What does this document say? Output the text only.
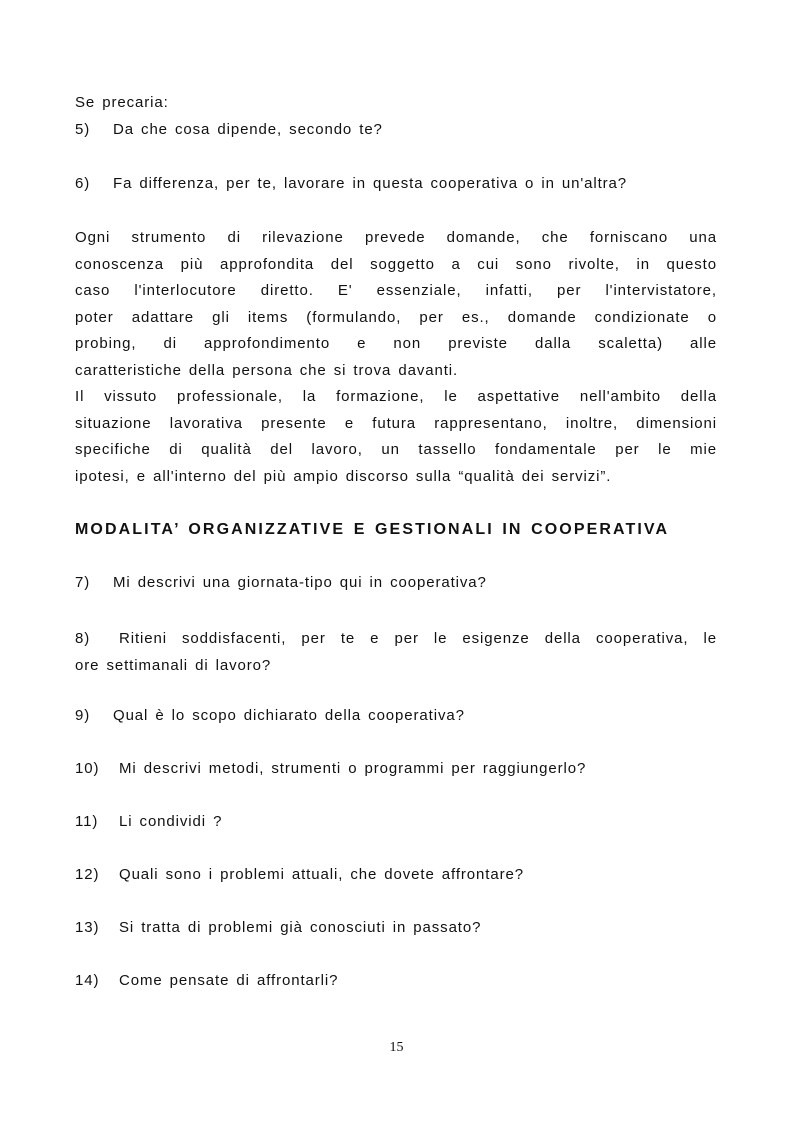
Se precaria:
5) Da che cosa dipende, secondo te?
6) Fa differenza, per te, lavorare in questa cooperativa o in un'altra?
Ogni strumento di rilevazione prevede domande, che forniscano una
conoscenza più approfondita del soggetto a cui sono rivolte, in questo
caso l'interlocutore diretto. E' essenziale, infatti, per l'intervistatore,
poter adattare gli items (formulando, per es., domande condizionate o
probing, di approfondimento e non previste dalla scaletta) alle
caratteristiche della persona che si trova davanti.
Il vissuto professionale, la formazione, le aspettative nell'ambito della
situazione lavorativa presente e futura rappresentano, inoltre, dimensioni
specifiche di qualità del lavoro, un tassello fondamentale per le mie
ipotesi, e all'interno del più ampio discorso sulla “qualità dei servizi”.
MODALITA’ ORGANIZZATIVE E GESTIONALI IN COOPERATIVA
7) Mi descrivi una giornata-tipo qui in cooperativa?
8) Ritieni soddisfacenti, per te e per le esigenze della cooperativa, le
ore settimanali di lavoro?
9) Qual è lo scopo dichiarato della cooperativa?
10) Mi descrivi metodi, strumenti o programmi per raggiungerlo?
11) Li condividi ?
12) Quali sono i problemi attuali, che dovete affrontare?
13) Si tratta di problemi già conosciuti in passato?
14) Come pensate di affrontarli?
15
